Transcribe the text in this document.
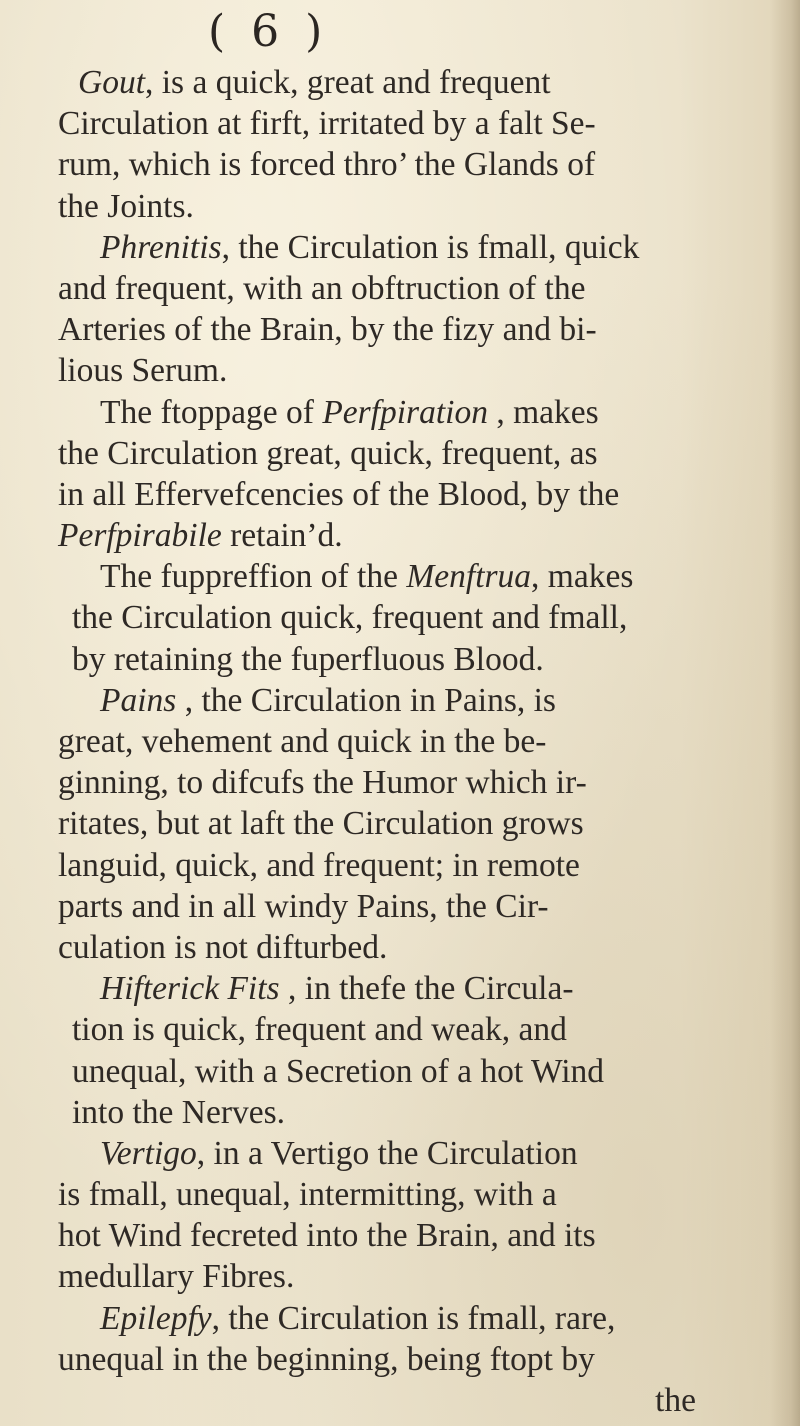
( 6 )
Gout, is a quick, great and frequent
Circulation at firft, irritated by a falt Se-
rum, which is forced thro’ the Glands of
the Joints.
Phrenitis, the Circulation is fmall, quick
and frequent, with an obftruction of the
Arteries of the Brain, by the fizy and bi-
lious Serum.
The ftoppage of Perfpiration , makes
the Circulation great, quick, frequent, as
in all Effervefcencies of the Blood, by the
Perfpirabile retain’d.
The fuppreffion of the Menftrua, makes
the Circulation quick, frequent and fmall,
by retaining the fuperfluous Blood.
Pains , the Circulation in Pains, is
great, vehement and quick in the be-
ginning, to difcufs the Humor which ir-
ritates, but at laft the Circulation grows
languid, quick, and frequent; in remote
parts and in all windy Pains, the Cir-
culation is not difturbed.
Hifterick Fits , in thefe the Circula-
tion is quick, frequent and weak, and
unequal, with a Secretion of a hot Wind
into the Nerves.
Vertigo, in a Vertigo the Circulation
is fmall, unequal, intermitting, with a
hot Wind fecreted into the Brain, and its
medullary Fibres.
Epilepfy, the Circulation is fmall, rare,
unequal in the beginning, being ftopt by
the
